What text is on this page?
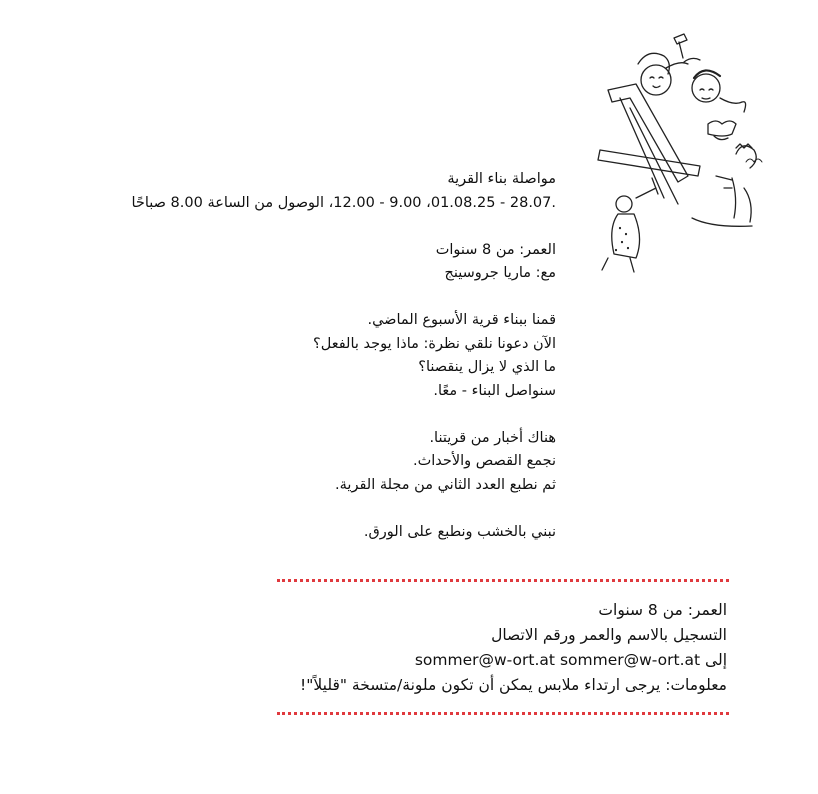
مواصلة بناء القرية

.28.07 - 01.08.25، 9.00 - 12.00، الوصول من الساعة 8.00 صباحًا

العمر: من 8 سنوات

مع: ماريا جروسينج

قمنا ببناء قرية الأسبوع الماضي.

الآن دعونا نلقي نظرة: ماذا يوجد بالفعل؟

ما الذي لا يزال ينقصنا؟

سنواصل البناء - معًا.

هناك أخبار من قريتنا.

نجمع القصص والأحداث.

ثم نطبع العدد الثاني من مجلة القرية.

نبني بالخشب ونطبع على الورق.

العمر: من 8 سنوات

التسجيل بالاسم والعمر ورقم الاتصال

إلى sommer@w-ort.at sommer@w-ort.at

معلومات: يرجى ارتداء ملابس يمكن أن تكون ملونة/متسخة "قليلاً"!
